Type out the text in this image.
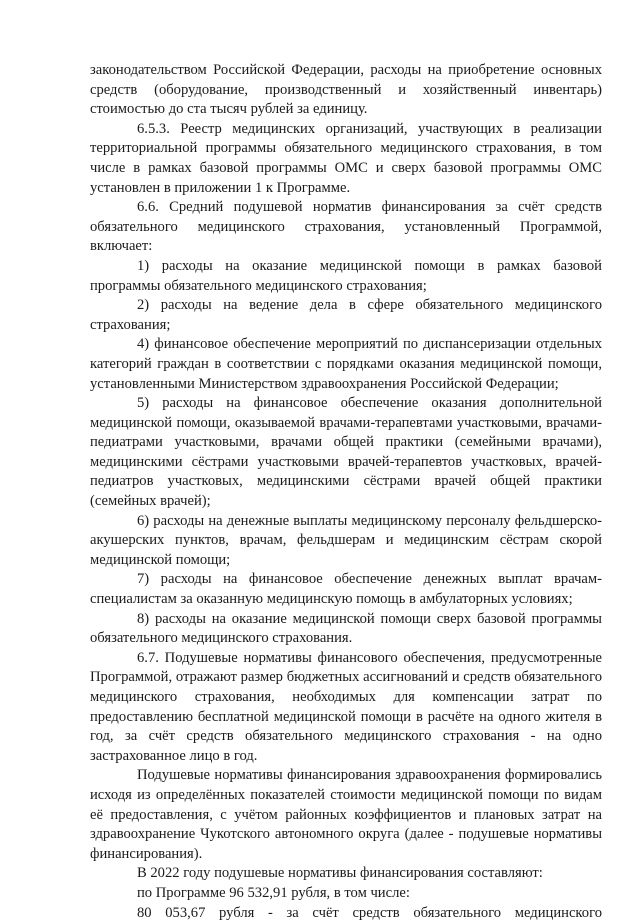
законодательством Российской Федерации, расходы на приобретение основных средств (оборудование, производственный и хозяйственный инвентарь) стоимостью до ста тысяч рублей за единицу.

6.5.3. Реестр медицинских организаций, участвующих в реализации территориальной программы обязательного медицинского страхования, в том числе в рамках базовой программы ОМС и сверх базовой программы ОМС установлен в приложении 1 к Программе.

6.6. Средний подушевой норматив финансирования за счёт средств обязательного медицинского страхования, установленный Программой, включает:

1) расходы на оказание медицинской помощи в рамках базовой программы обязательного медицинского страхования;

2) расходы на ведение дела в сфере обязательного медицинского страхования;

4) финансовое обеспечение мероприятий по диспансеризации отдельных категорий граждан в соответствии с порядками оказания медицинской помощи, установленными Министерством здравоохранения Российской Федерации;

5) расходы на финансовое обеспечение оказания дополнительной медицинской помощи, оказываемой врачами-терапевтами участковыми, врачами-педиатрами участковыми, врачами общей практики (семейными врачами), медицинскими сёстрами участковыми врачей-терапевтов участковых, врачей-педиатров участковых, медицинскими сёстрами врачей общей практики (семейных врачей);

6) расходы на денежные выплаты медицинскому персоналу фельдшерско-акушерских пунктов, врачам, фельдшерам и медицинским сёстрам скорой медицинской помощи;

7) расходы на финансовое обеспечение денежных выплат врачам-специалистам за оказанную медицинскую помощь в амбулаторных условиях;

8) расходы на оказание медицинской помощи сверх базовой программы обязательного медицинского страхования.

6.7. Подушевые нормативы финансового обеспечения, предусмотренные Программой, отражают размер бюджетных ассигнований и средств обязательного медицинского страхования, необходимых для компенсации затрат по предоставлению бесплатной медицинской помощи в расчёте на одного жителя в год, за счёт средств обязательного медицинского страхования - на одно застрахованное лицо в год.

Подушевые нормативы финансирования здравоохранения формировались исходя из определённых показателей стоимости медицинской помощи по видам её предоставления, с учётом районных коэффициентов и плановых затрат на здравоохранение Чукотского автономного округа (далее - подушевые нормативы финансирования).

В 2022 году подушевые нормативы финансирования составляют:

по Программе 96 532,91 рубля, в том числе:

80 053,67 рубля - за счёт средств обязательного медицинского
